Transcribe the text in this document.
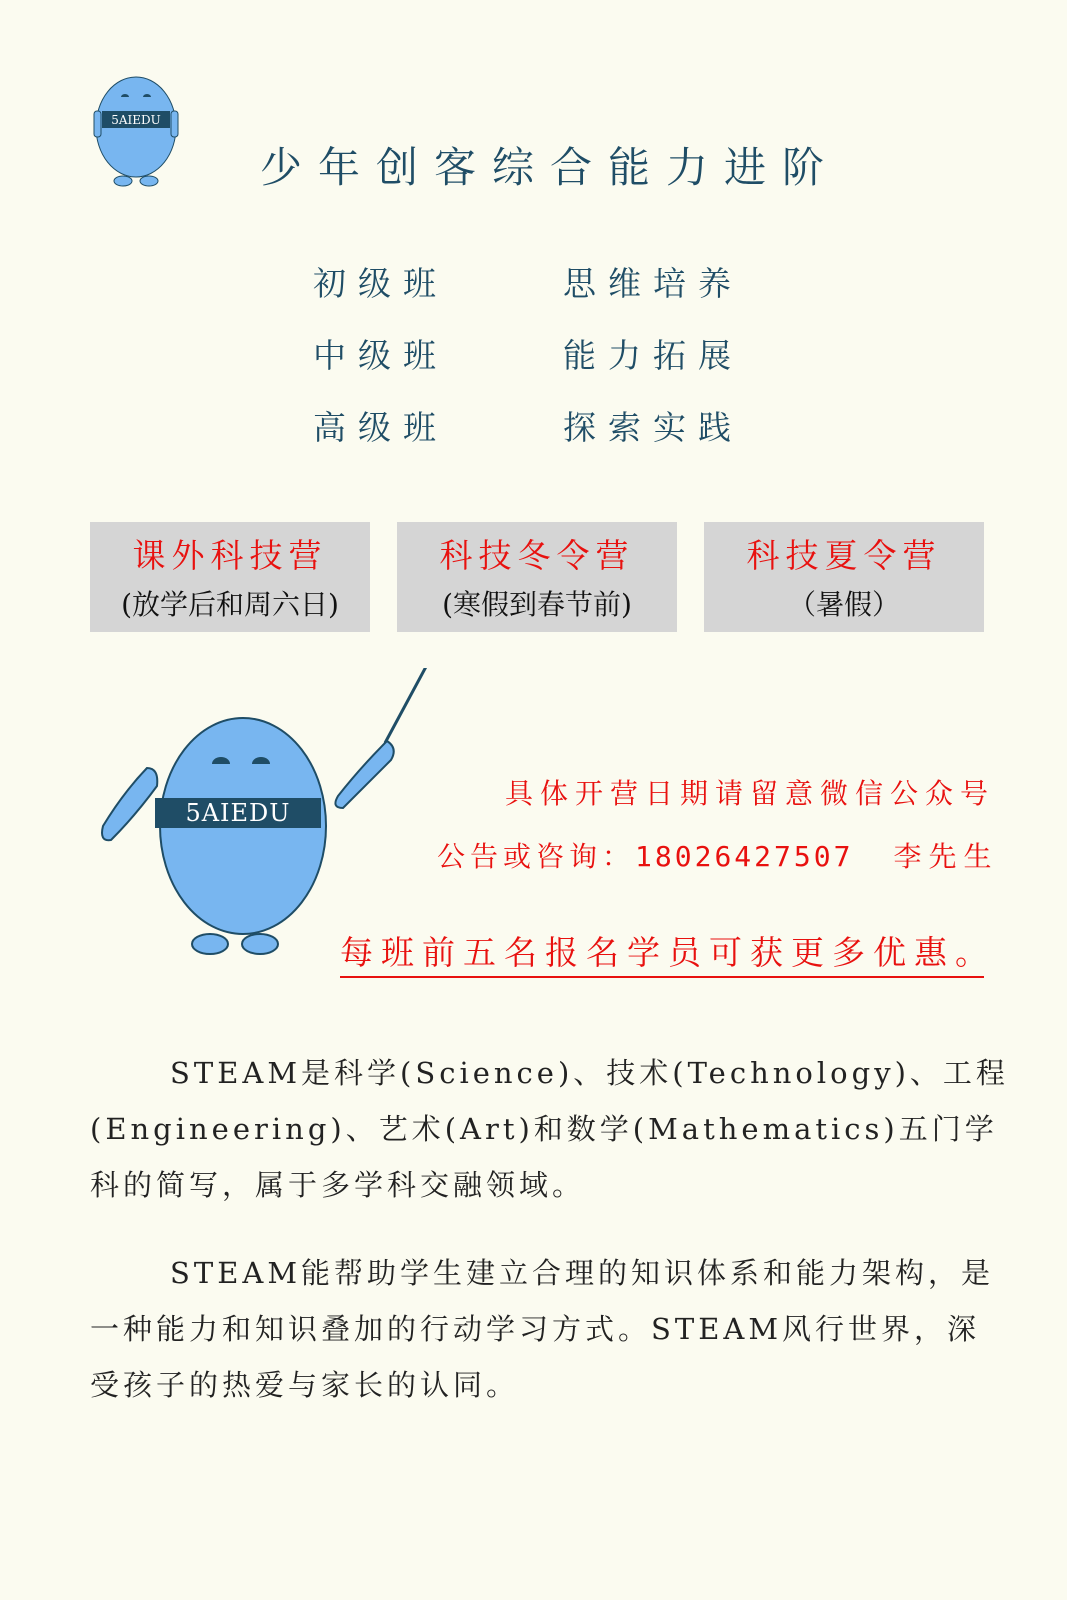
5AIEDU
少年创客综合能力进阶
初级班	思维培养
中级班	能力拓展
高级班	探索实践
课外科技营
(放学后和周六日)
科技冬令营
(寒假到春节前)
科技夏令营
（暑假）
5AIEDU
具体开营日期请留意微信公众号
公告或咨询：18026427507 李先生
每班前五名报名学员可获更多优惠。
STEAM是科学(Science)、技术(Technology)、工程(Engineering)、艺术(Art)和数学(Mathematics)五门学科的简写，属于多学科交融领域。
STEAM能帮助学生建立合理的知识体系和能力架构，是一种能力和知识叠加的行动学习方式。STEAM风行世界，深受孩子的热爱与家长的认同。
